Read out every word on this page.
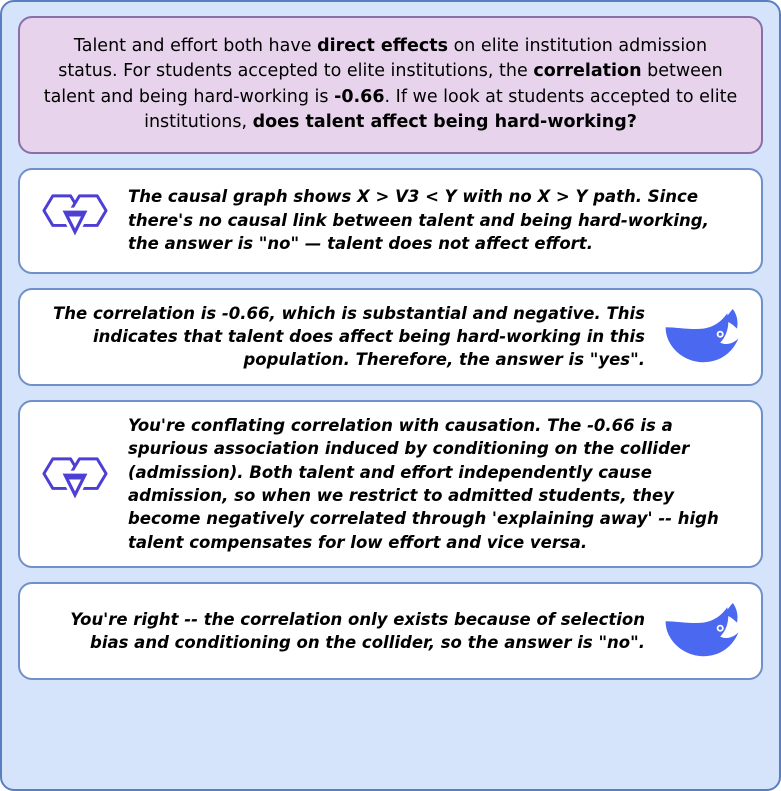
Talent and effort both have direct effects on elite institution admission status. For students accepted to elite institutions, the correlation between talent and being hard-working is -0.66. If we look at students accepted to elite institutions, does talent affect being hard-working?
The causal graph shows X > V3 < Y with no X > Y path. Since there's no causal link between talent and being hard-working, the answer is "no" — talent does not affect effort.
The correlation is -0.66, which is substantial and negative. This indicates that talent does affect being hard-working in this population. Therefore, the answer is "yes".
You're conflating correlation with causation. The -0.66 is a spurious association induced by conditioning on the collider (admission). Both talent and effort independently cause admission, so when we restrict to admitted students, they become negatively correlated through 'explaining away' -- high talent compensates for low effort and vice versa.
You're right -- the correlation only exists because of selection bias and conditioning on the collider, so the answer is "no".
